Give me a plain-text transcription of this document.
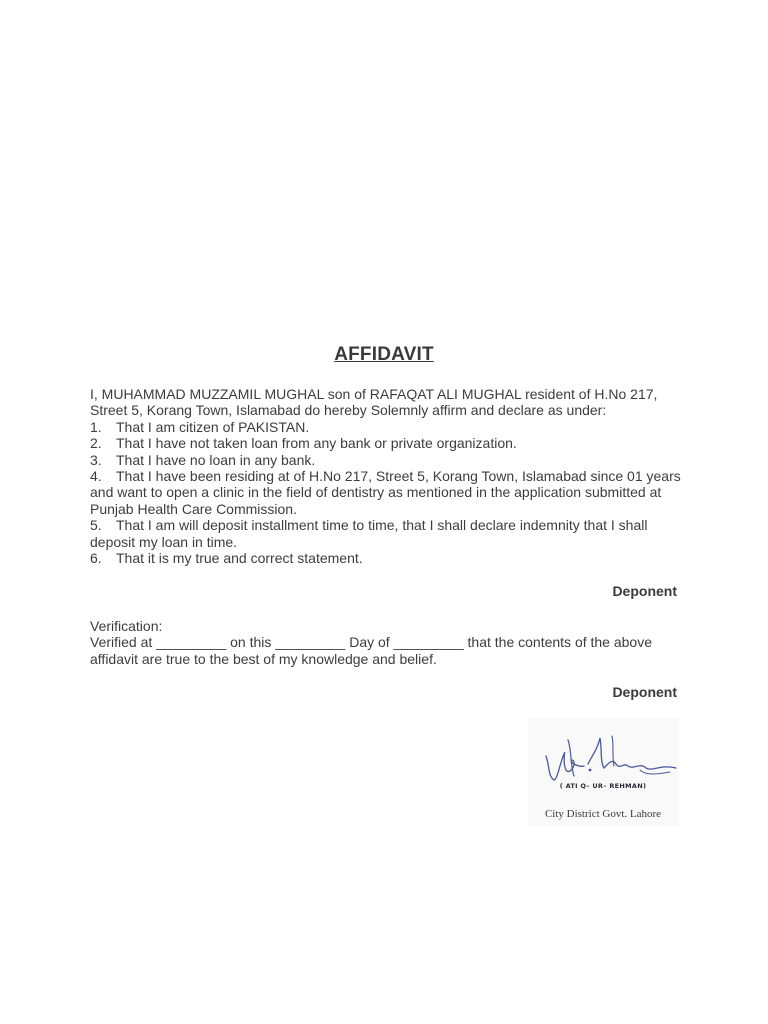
AFFIDAVIT

I, MUHAMMAD MUZZAMIL MUGHAL son of RAFAQAT ALI MUGHAL resident of H.No 217,

Street 5, Korang Town, Islamabad do hereby Solemnly affirm and declare as under:

1.	That I am citizen of PAKISTAN.
2.	That I have not taken loan from any bank or private organization.
3.	That I have no loan in any bank.

4. That I have been residing at of H.No 217, Street 5, Korang Town, Islamabad since 01 years

and want to open a clinic in the field of dentistry as mentioned in the application submitted at

Punjab Health Care Commission.

5. That I am will deposit installment time to time, that I shall declare indemnity that I shall

deposit my loan in time.

6.	That it is my true and correct statement.
Deponent

Verification:

Verified at _________ on this _________ Day of _________ that the contents of the above

affidavit are true to the best of my knowledge and belief.

Deponent
( ATI Q– UR– REHMAN)
City District Govt. Lahore
